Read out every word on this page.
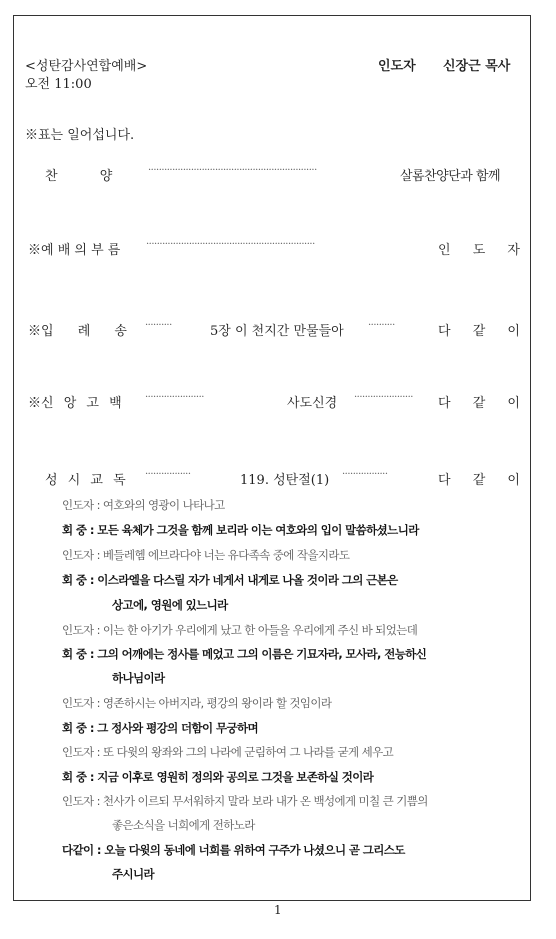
<성탄감사연합예배>
오전 11:00
인도자 신장근 목사
※표는 일어섭니다.
찬 양	·······························································	살롬찬양단과 함께
※예 배 의 부 름	·······························································	인 도 자
※입 례 송 ··········	5장 이 천지간 만물들아 ··········	다 같 이
※신 앙 고 백 ······················	사도신경 ······················ 다 같 이
성 시 교 독 ·················	119. 성탄절(1) ·················	다 같 이
인도자 : 여호와의 영광이 나타나고
회 중 : 모든 육체가 그것을 함께 보리라 이는 여호와의 입이 말씀하셨느니라
인도자 : 베들레헴 에브라다야 너는 유다족속 중에 작을지라도
회 중 : 이스라엘을 다스릴 자가 네게서 내게로 나올 것이라 그의 근본은
상고에, 영원에 있느니라
인도자 : 이는 한 아기가 우리에게 났고 한 아들을 우리에게 주신 바 되었는데
회 중 : 그의 어깨에는 정사를 메었고 그의 이름은 기묘자라, 모사라, 전능하신
하나님이라
인도자 : 영존하시는 아버지라, 평강의 왕이라 할 것임이라
회 중 : 그 정사와 평강의 더함이 무궁하며
인도자 : 또 다윗의 왕좌와 그의 나라에 군림하여 그 나라를 굳게 세우고
회 중 : 지금 이후로 영원히 정의와 공의로 그것을 보존하실 것이라
인도자 : 천사가 이르되 무서워하지 말라 보라 내가 온 백성에게 미칠 큰 기쁨의
좋은소식을 너희에게 전하노라
다같이 : 오늘 다윗의 동네에 너희를 위하여 구주가 나셨으니 곧 그리스도
주시니라
1
